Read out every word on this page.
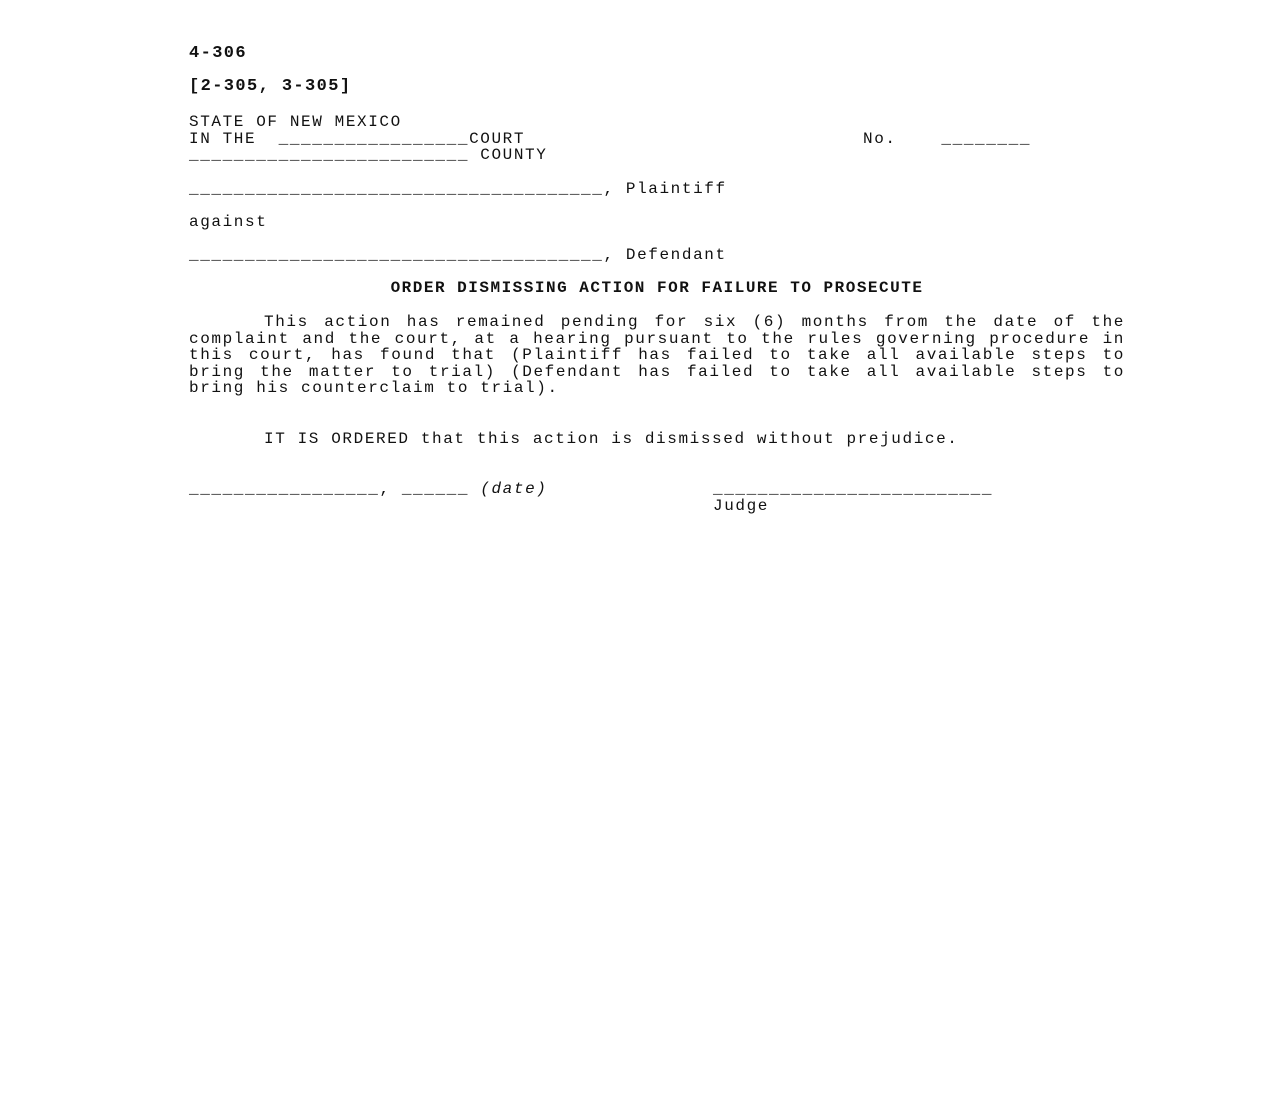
4-306
[2-305, 3-305]
STATE OF NEW MEXICO
IN THE _________________COURT	No.	________
_________________________ COUNTY
_____________________________________, Plaintiff
against
_____________________________________, Defendant
ORDER DISMISSING ACTION FOR FAILURE TO PROSECUTE
This action has remained pending for six (6) months from the date of the complaint and the court, at a hearing pursuant to the rules governing procedure in this court, has found that (Plaintiff has failed to take all available steps to bring the matter to trial) (Defendant has failed to take all available steps to bring his counterclaim to trial).
IT IS ORDERED that this action is dismissed without prejudice.
_________________, ______ (date)	_________________________
Judge
